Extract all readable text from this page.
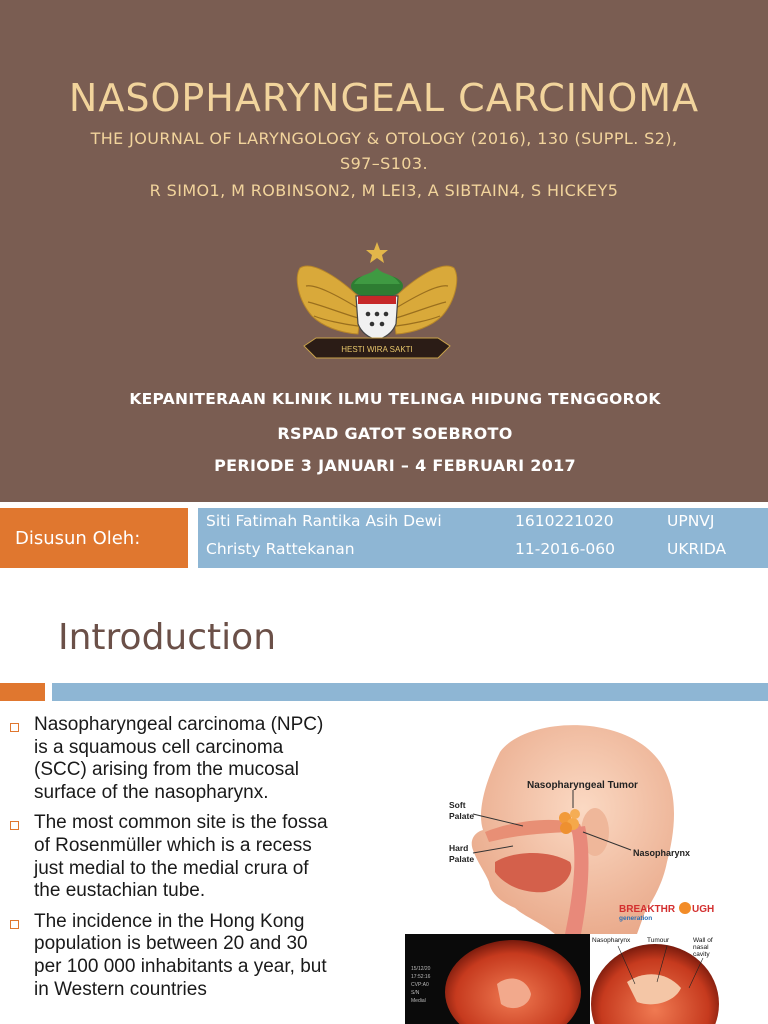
NASOPHARYNGEAL CARCINOMA
THE JOURNAL OF LARYNGOLOGY & OTOLOGY (2016), 130 (SUPPL. S2),
S97–S103.
R SIMO1, M ROBINSON2, M LEI3, A SIBTAIN4, S HICKEY5
HESTI WIRA SAKTI
KEPANITERAAN KLINIK ILMU TELINGA HIDUNG TENGGOROK
RSPAD GATOT SOEBROTO
PERIODE 3 JANUARI – 4 FEBRUARI 2017
Disusun Oleh:
Siti Fatimah Rantika Asih Dewi	1610221020	UPNVJ
Christy Rattekanan	11-2016-060	UKRIDA
Introduction
Nasopharyngeal carcinoma (NPC) is a squamous cell carcinoma (SCC) arising from the mucosal surface of the nasopharynx.
The most common site is the fossa of Rosenmüller which is a recess just medial to the medial crura of the eustachian tube.
The incidence in the Hong Kong population is between 20 and 30 per 100 000 inhabitants a year, but in Western countries
Nasopharyngeal Tumor
Soft
Palate
Hard
Palate
Nasopharynx
BREAKTHR UGH
generation
15/12/20
17:52:16
CVP:A0
S/N
Medial
Nasopharynx	Tumour	Wall of
nasal
cavity
